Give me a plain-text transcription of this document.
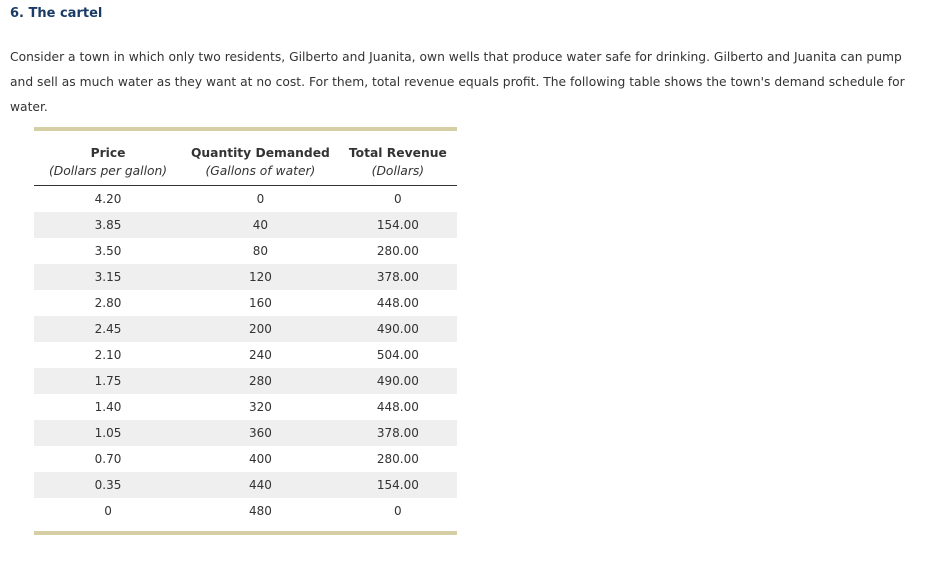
6. The cartel

Consider a town in which only two residents, Gilberto and Juanita, own wells that produce water safe for drinking. Gilberto and Juanita can pump and sell as much water as they want at no cost. For them, total revenue equals profit. The following table shows the town's demand schedule for water.

Price	Quantity Demanded	Total Revenue
(Dollars per gallon)	(Gallons of water)	(Dollars)
4.20	0	0
3.85	40	154.00
3.50	80	280.00
3.15	120	378.00
2.80	160	448.00
2.45	200	490.00
2.10	240	504.00
1.75	280	490.00
1.40	320	448.00
1.05	360	378.00
0.70	400	280.00
0.35	440	154.00
0	480	0
